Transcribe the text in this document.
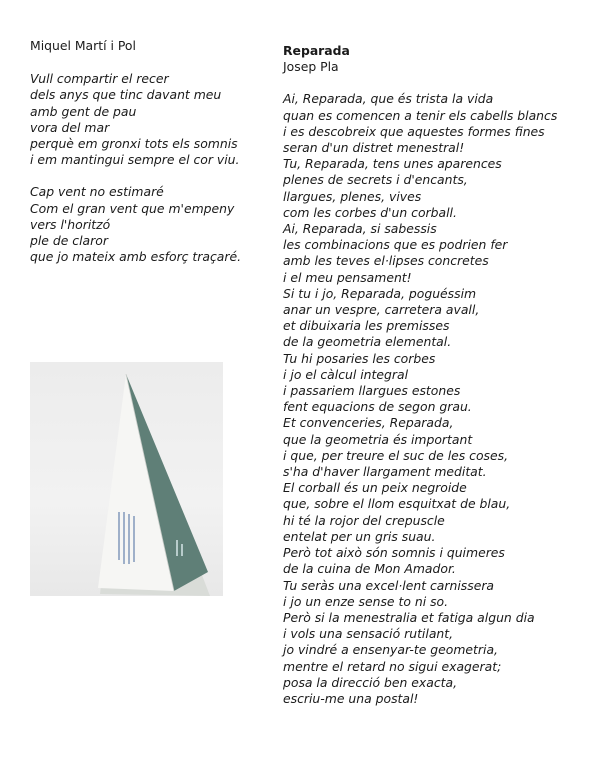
Miquel Martí i Pol
Vull compartir el recer
dels anys que tinc davant meu
amb gent de pau
vora del mar
perquè em gronxi tots els somnis
i em mantingui sempre el cor viu.
Cap vent no estimaré
Com el gran vent que m'empeny
vers l'horitzó
ple de claror
que jo mateix amb esforç traçaré.
Reparada
Josep Pla
Ai, Reparada, que és trista la vida
quan es comencen a tenir els cabells blancs
i es descobreix que aquestes formes fines
seran d'un distret menestral!
Tu, Reparada, tens unes aparences
plenes de secrets i d'encants,
llargues, plenes, vives
com les corbes d'un corball.
Ai, Reparada, si sabessis
les combinacions que es podrien fer
amb les teves el·lipses concretes
i el meu pensament!
Si tu i jo, Reparada, poguéssim
anar un vespre, carretera avall,
et dibuixaria les premisses
de la geometria elemental.
Tu hi posaries les corbes
i jo el càlcul integral
i passariem llargues estones
fent equacions de segon grau.
Et convenceries, Reparada,
que la geometria és important
i que, per treure el suc de les coses,
s'ha d'haver llargament meditat.
El corball és un peix negroide
que, sobre el llom esquitxat de blau,
hi té la rojor del crepuscle
entelat per un gris suau.
Però tot això són somnis i quimeres
de la cuina de Mon Amador.
Tu seràs una excel·lent carnissera
i jo un enze sense to ni so.
Però si la menestralia et fatiga algun dia
i vols una sensació rutilant,
jo vindré a ensenyar-te geometria,
mentre el retard no sigui exagerat;
posa la direcció ben exacta,
escriu-me una postal!
